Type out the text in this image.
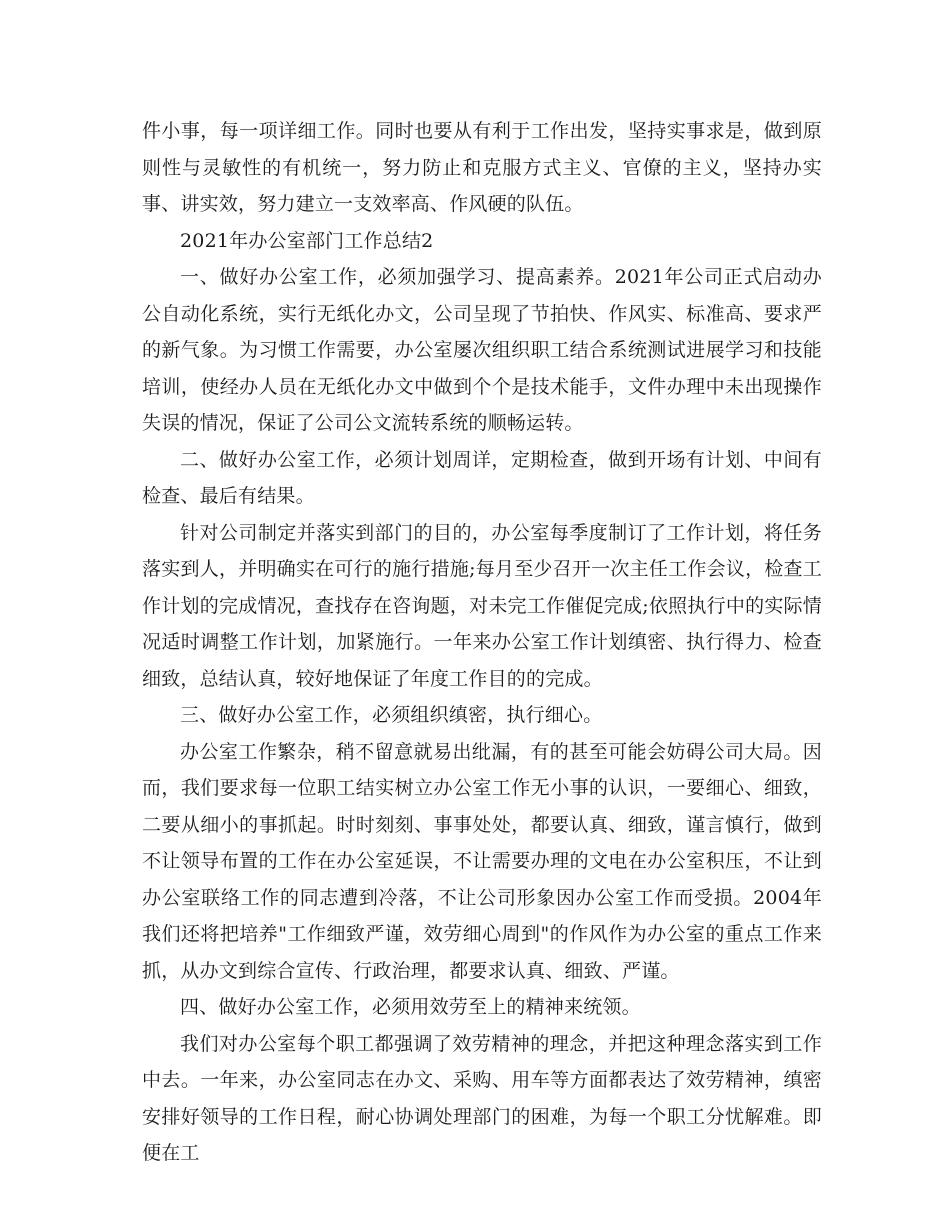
件小事，每一项详细工作。同时也要从有利于工作出发，坚持实事求是，做到原则性与灵敏性的有机统一，努力防止和克服方式主义、官僚的主义，坚持办实事、讲实效，努力建立一支效率高、作风硬的队伍。

2021年办公室部门工作总结2

一、做好办公室工作，必须加强学习、提高素养。2021年公司正式启动办公自动化系统，实行无纸化办文，公司呈现了节拍快、作风实、标准高、要求严的新气象。为习惯工作需要，办公室屡次组织职工结合系统测试进展学习和技能培训，使经办人员在无纸化办文中做到个个是技术能手，文件办理中未出现操作失误的情况，保证了公司公文流转系统的顺畅运转。

二、做好办公室工作，必须计划周详，定期检查，做到开场有计划、中间有检查、最后有结果。

针对公司制定并落实到部门的目的，办公室每季度制订了工作计划，将任务落实到人，并明确实在可行的施行措施;每月至少召开一次主任工作会议，检查工作计划的完成情况，查找存在咨询题，对未完工作催促完成;依照执行中的实际情况适时调整工作计划，加紧施行。一年来办公室工作计划缜密、执行得力、检查细致，总结认真，较好地保证了年度工作目的的完成。

三、做好办公室工作，必须组织缜密，执行细心。

办公室工作繁杂，稍不留意就易出纰漏，有的甚至可能会妨碍公司大局。因而，我们要求每一位职工结实树立办公室工作无小事的认识，一要细心、细致，二要从细小的事抓起。时时刻刻、事事处处，都要认真、细致，谨言慎行，做到不让领导布置的工作在办公室延误，不让需要办理的文电在办公室积压，不让到办公室联络工作的同志遭到冷落，不让公司形象因办公室工作而受损。2004年我们还将把培养"工作细致严谨，效劳细心周到"的作风作为办公室的重点工作来抓，从办文到综合宣传、行政治理，都要求认真、细致、严谨。

四、做好办公室工作，必须用效劳至上的精神来统领。

我们对办公室每个职工都强调了效劳精神的理念，并把这种理念落实到工作中去。一年来，办公室同志在办文、采购、用车等方面都表达了效劳精神，缜密安排好领导的工作日程，耐心协调处理部门的困难，为每一个职工分忧解难。即便在工
